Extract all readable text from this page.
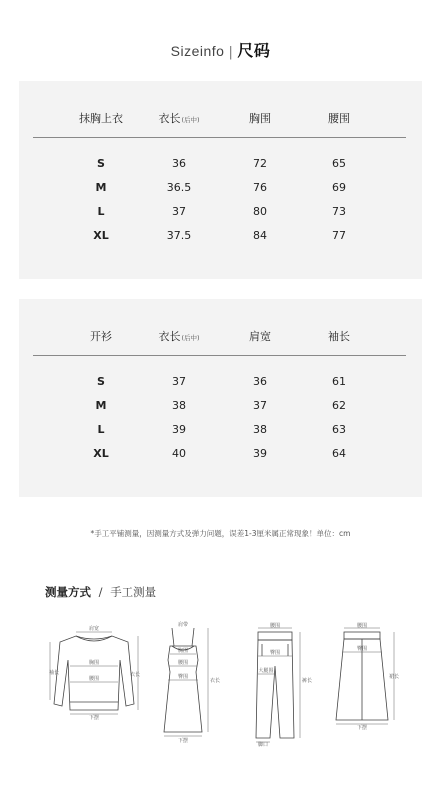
Sizeinfo | 尺码
抹胸上衣	衣长(后中)	胸围	腰围
S	36	72	65
M	36.5	76	69
L	37	80	73
XL	37.5	84	77
开衫	衣长(后中)	肩宽	袖长
S	37	36	61
M	38	37	62
L	39	38	63
XL	40	39	64
*手工平铺测量，因测量方式及弹力问题，误差1-3厘米属正常现象！单位：cm
测量方式 / 手工测量
肩宽
胸围
腰围
下摆
袖长	衣长
肩带
胸围
腰围
臀围
下摆
衣长
腰围
臀围
大腿围
脚口
裤长
腰围
臀围
下摆
裙长
